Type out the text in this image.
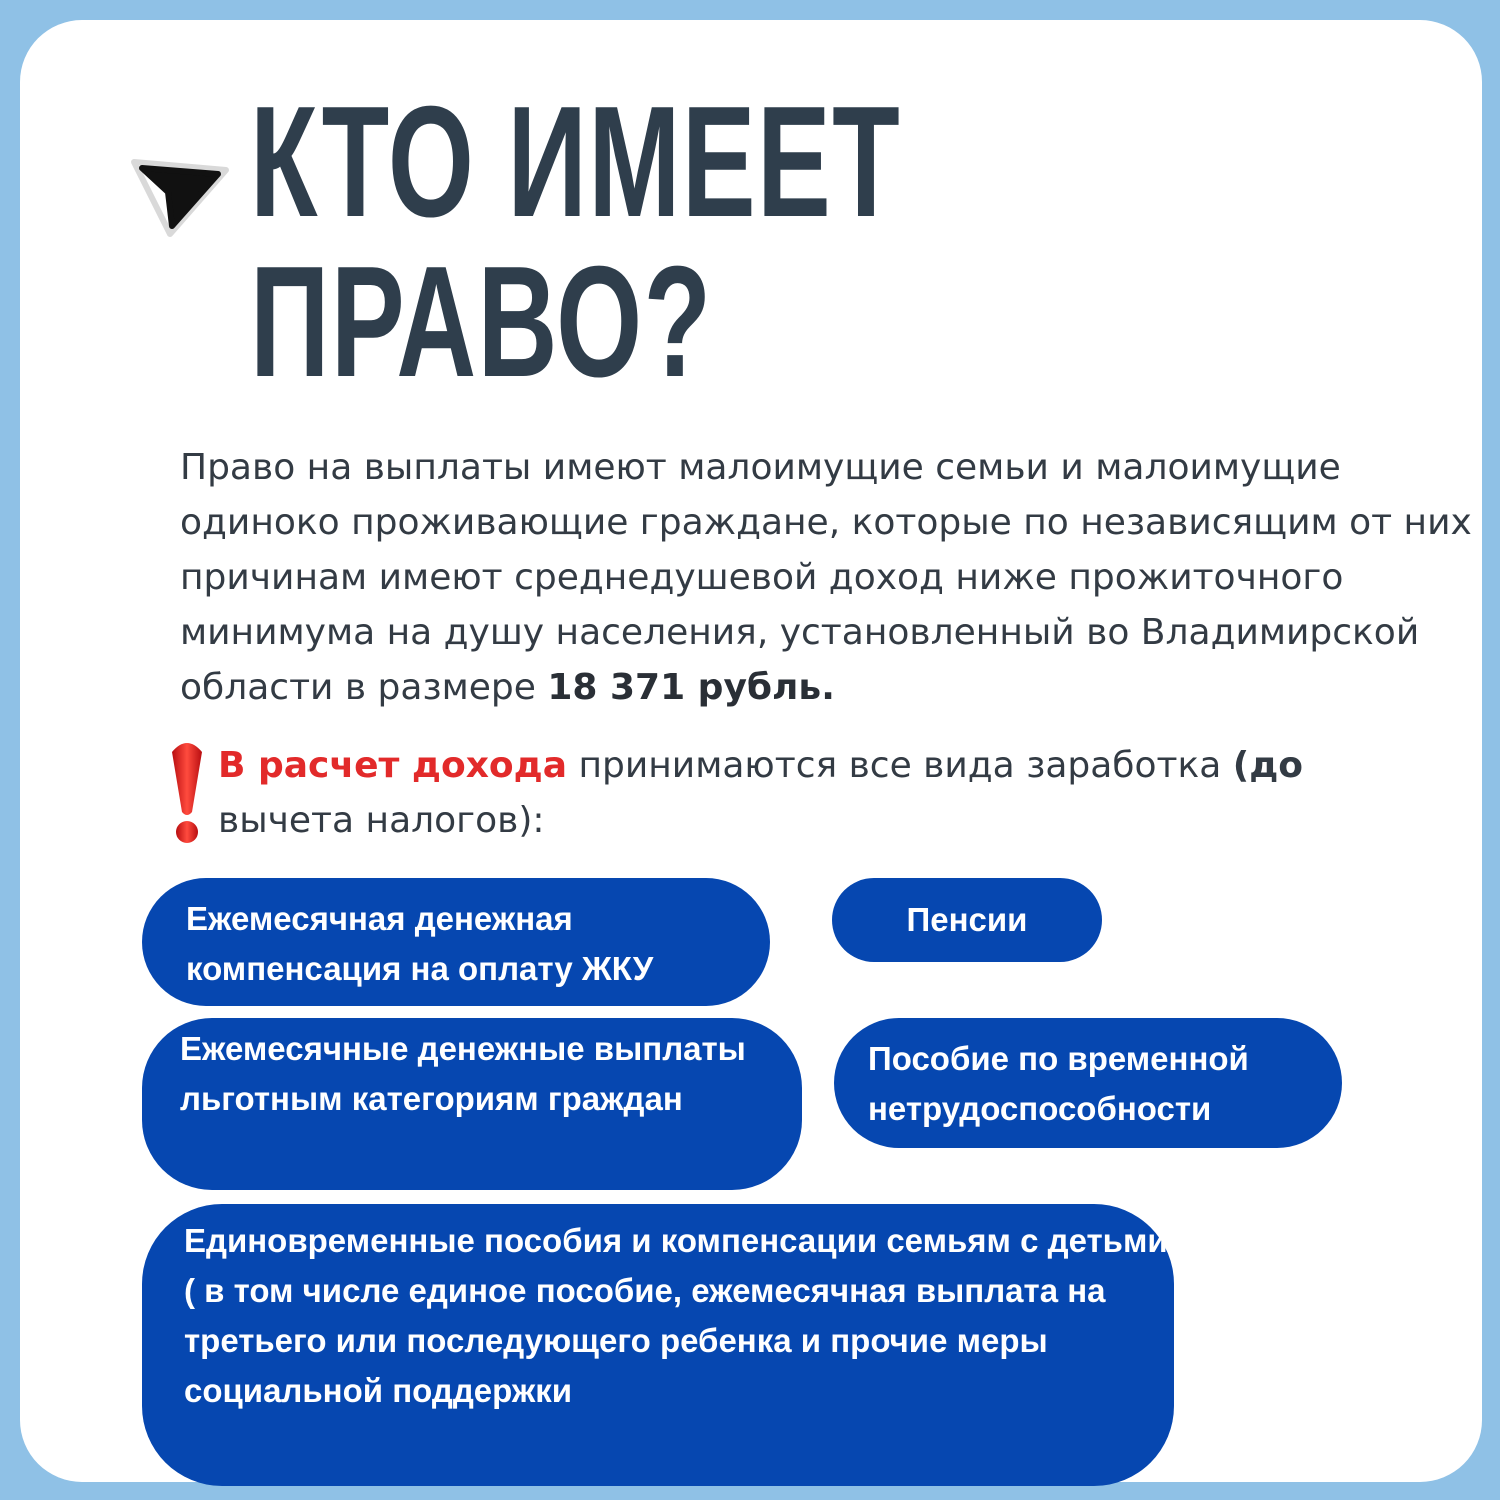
КТО ИМЕЕТ
ПРАВО?
Право на выплаты имеют малоимущие семьи и малоимущие одиноко проживающие граждане, которые по независящим от них причинам имеют среднедушевой доход ниже прожиточного минимума на душу населения, установленный во Владимирской области в размере 18 371 рубль.
В расчет дохода принимаются все вида заработка (до
вычета налогов):
Ежемесячная денежная компенсация на оплату ЖКУ
Пенсии
Ежемесячные денежные выплаты льготным категориям граждан
Пособие по временной нетрудоспособности
Единовременные пособия и компенсации семьям с детьми ( в том числе единое пособие, ежемесячная выплата на третьего или последующего ребенка и прочие меры социальной поддержки
